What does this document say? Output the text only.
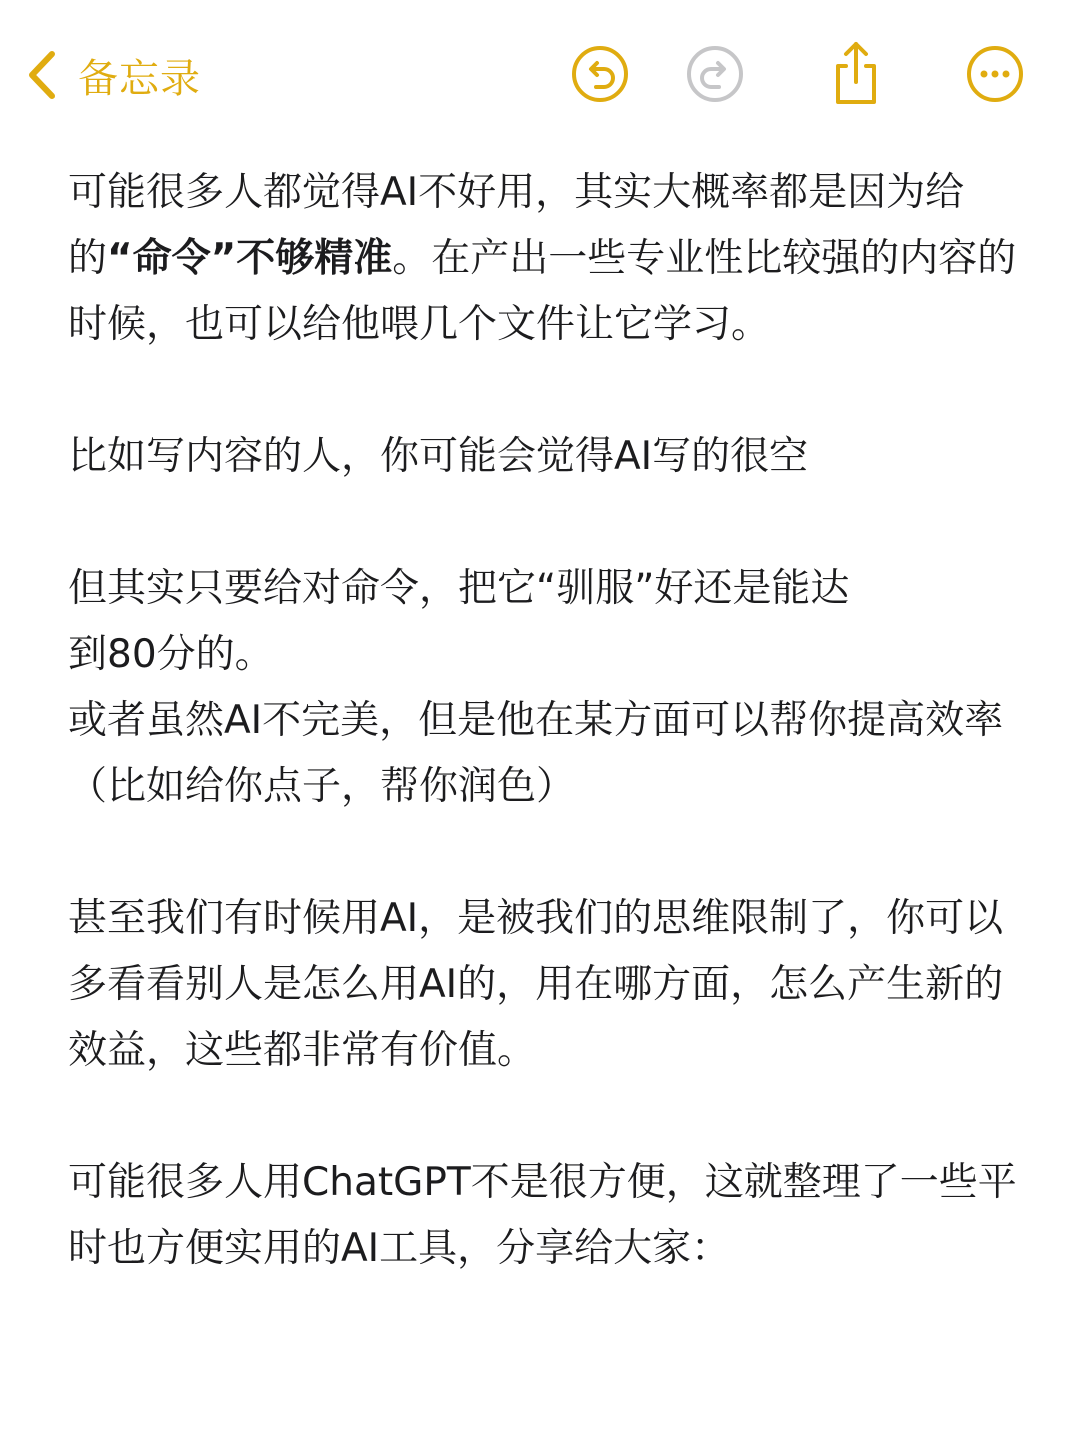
备忘录

可能很多人都觉得AI不好用，其实大概率都是因为给的“命令”不够精准。在产出一些专业性比较强的内容的时候，也可以给他喂几个文件让它学习。

比如写内容的人，你可能会觉得AI写的很空

但其实只要给对命令，把它“驯服”好还是能达

到80分的。

或者虽然AI不完美，但是他在某方面可以帮你提高效率（比如给你点子，帮你润色）

甚至我们有时候用AI，是被我们的思维限制了，你可以多看看别人是怎么用AI的，用在哪方面，怎么产生新的效益，这些都非常有价值。

可能很多人用ChatGPT不是很方便，这就整理了一些平时也方便实用的AI工具，分享给大家：
